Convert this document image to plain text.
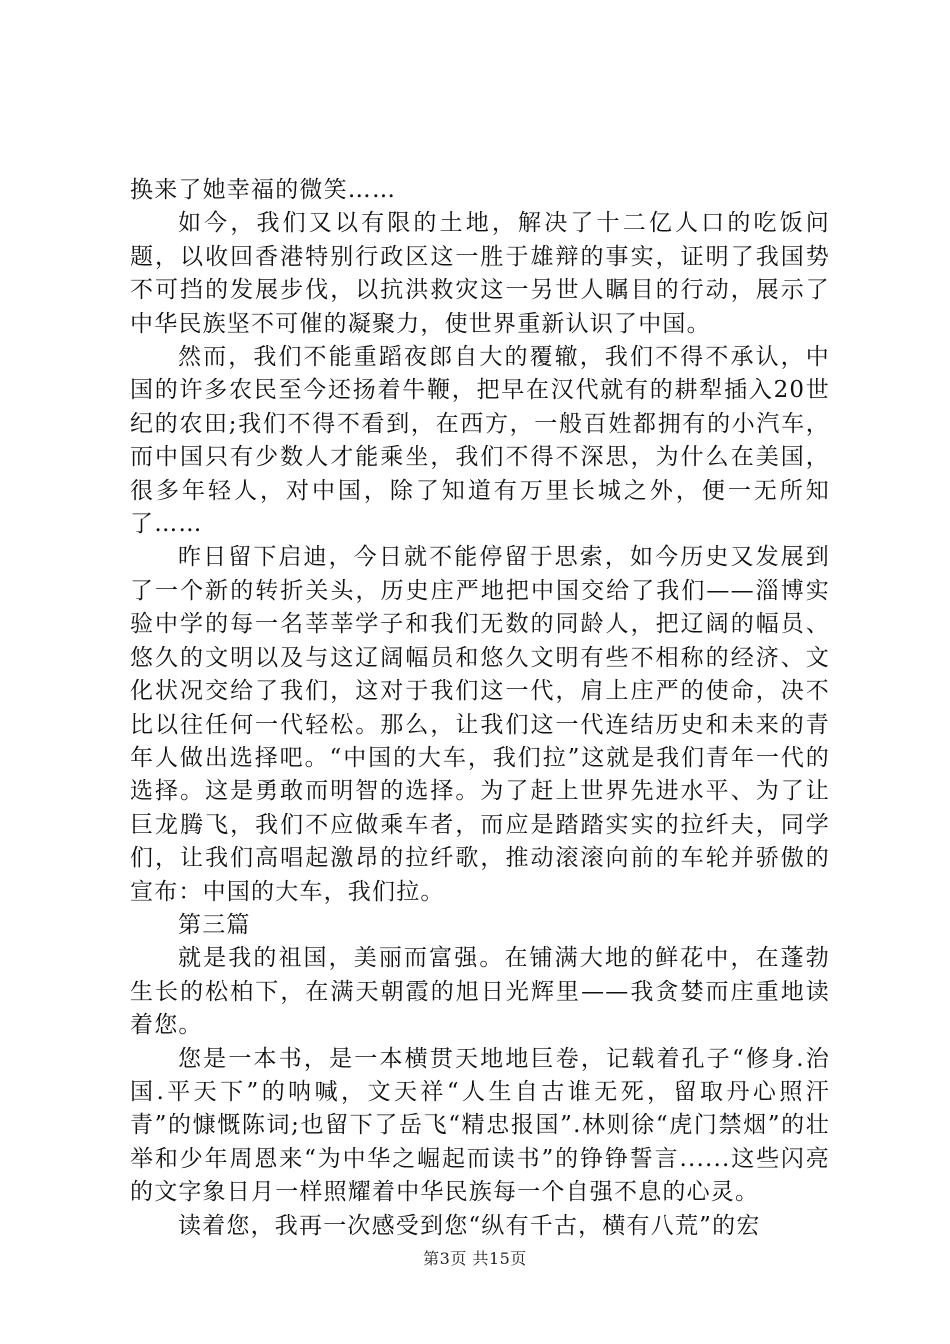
换来了她幸福的微笑……

如今，我们又以有限的土地，解决了十二亿人口的吃饭问题，以收回香港特别行政区这一胜于雄辩的事实，证明了我国势不可挡的发展步伐，以抗洪救灾这一另世人瞩目的行动，展示了中华民族坚不可催的凝聚力，使世界重新认识了中国。

然而，我们不能重蹈夜郎自大的覆辙，我们不得不承认，中国的许多农民至今还扬着牛鞭，把早在汉代就有的耕犁插入20世纪的农田;我们不得不看到，在西方，一般百姓都拥有的小汽车，而中国只有少数人才能乘坐，我们不得不深思，为什么在美国，很多年轻人，对中国，除了知道有万里长城之外，便一无所知了……

昨日留下启迪，今日就不能停留于思索，如今历史又发展到了一个新的转折关头，历史庄严地把中国交给了我们——淄博实验中学的每一名莘莘学子和我们无数的同龄人，把辽阔的幅员、悠久的文明以及与这辽阔幅员和悠久文明有些不相称的经济、文化状况交给了我们，这对于我们这一代，肩上庄严的使命，决不比以往任何一代轻松。那么，让我们这一代连结历史和未来的青年人做出选择吧。“中国的大车，我们拉”这就是我们青年一代的选择。这是勇敢而明智的选择。为了赶上世界先进水平、为了让巨龙腾飞，我们不应做乘车者，而应是踏踏实实的拉纤夫，同学们，让我们高唱起激昂的拉纤歌，推动滚滚向前的车轮并骄傲的宣布：中国的大车，我们拉。

第三篇

就是我的祖国，美丽而富强。在铺满大地的鲜花中，在蓬勃生长的松柏下，在满天朝霞的旭日光辉里——我贪婪而庄重地读着您。

您是一本书，是一本横贯天地地巨卷，记载着孔子“修身.治国.平天下”的呐喊，文天祥“人生自古谁无死，留取丹心照汗青”的慷慨陈词;也留下了岳飞“精忠报国”.林则徐“虎门禁烟”的壮举和少年周恩来“为中华之崛起而读书”的铮铮誓言......这些闪亮的文字象日月一样照耀着中华民族每一个自强不息的心灵。

读着您，我再一次感受到您“纵有千古，横有八荒”的宏

第3页 共15页
